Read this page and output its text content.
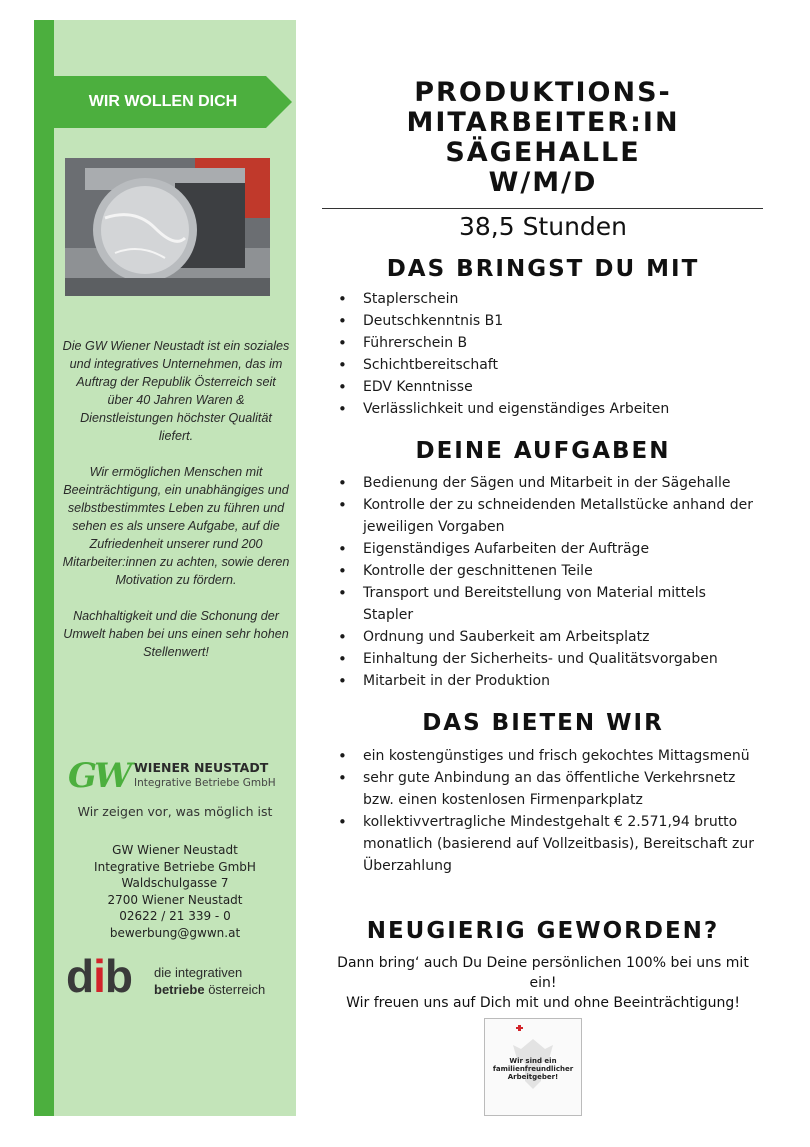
WIR WOLLEN DICH

Die GW Wiener Neustadt ist ein soziales und integratives Unternehmen, das im Auftrag der Republik Österreich seit über 40 Jahren Waren & Dienstleistungen höchster Qualität liefert.

Wir ermöglichen Menschen mit Beeinträchtigung, ein unabhängiges und selbstbestimmtes Leben zu führen und sehen es als unsere Aufgabe, auf die Zufriedenheit unserer rund 200 Mitarbeiter:innen zu achten, sowie deren Motivation zu fördern.

Nachhaltigkeit und die Schonung der Umwelt haben bei uns einen sehr hohen Stellenwert!

GW WIENER NEUSTADT
Integrative Betriebe GmbH
Wir zeigen vor, was möglich ist
GW Wiener Neustadt
Integrative Betriebe GmbH
Waldschulgasse 7
2700 Wiener Neustadt
02622 / 21 339 - 0
bewerbung@gwwn.at
dib die integrativen
betriebe österreich
PRODUKTIONS-
MITARBEITER:IN
SÄGEHALLE
W/M/D
38,5 Stunden
DAS BRINGST DU MIT
• Staplerschein
• Deutschkenntnis B1
• Führerschein B
• Schichtbereitschaft
• EDV Kenntnisse
• Verlässlichkeit und eigenständiges Arbeiten
DEINE AUFGABEN
• Bedienung der Sägen und Mitarbeit in der Sägehalle
• Kontrolle der zu schneidenden Metallstücke anhand der jeweiligen Vorgaben
• Eigenständiges Aufarbeiten der Aufträge
• Kontrolle der geschnittenen Teile
• Transport und Bereitstellung von Material mittels Stapler
• Ordnung und Sauberkeit am Arbeitsplatz
• Einhaltung der Sicherheits- und Qualitätsvorgaben
• Mitarbeit in der Produktion
DAS BIETEN WIR
• ein kostengünstiges und frisch gekochtes Mittagsmenü
• sehr gute Anbindung an das öffentliche Verkehrsnetz bzw. einen kostenlosen Firmenparkplatz
• kollektivvertragliche Mindestgehalt € 2.571,94 brutto monatlich (basierend auf Vollzeitbasis), Bereitschaft zur Überzahlung
NEUGIERIG GEWORDEN?
Dann bring‘ auch Du Deine persönlichen 100% bei uns mit ein!
Wir freuen uns auf Dich mit und ohne Beeinträchtigung!
Wir sind ein familienfreundlicher Arbeitgeber!
